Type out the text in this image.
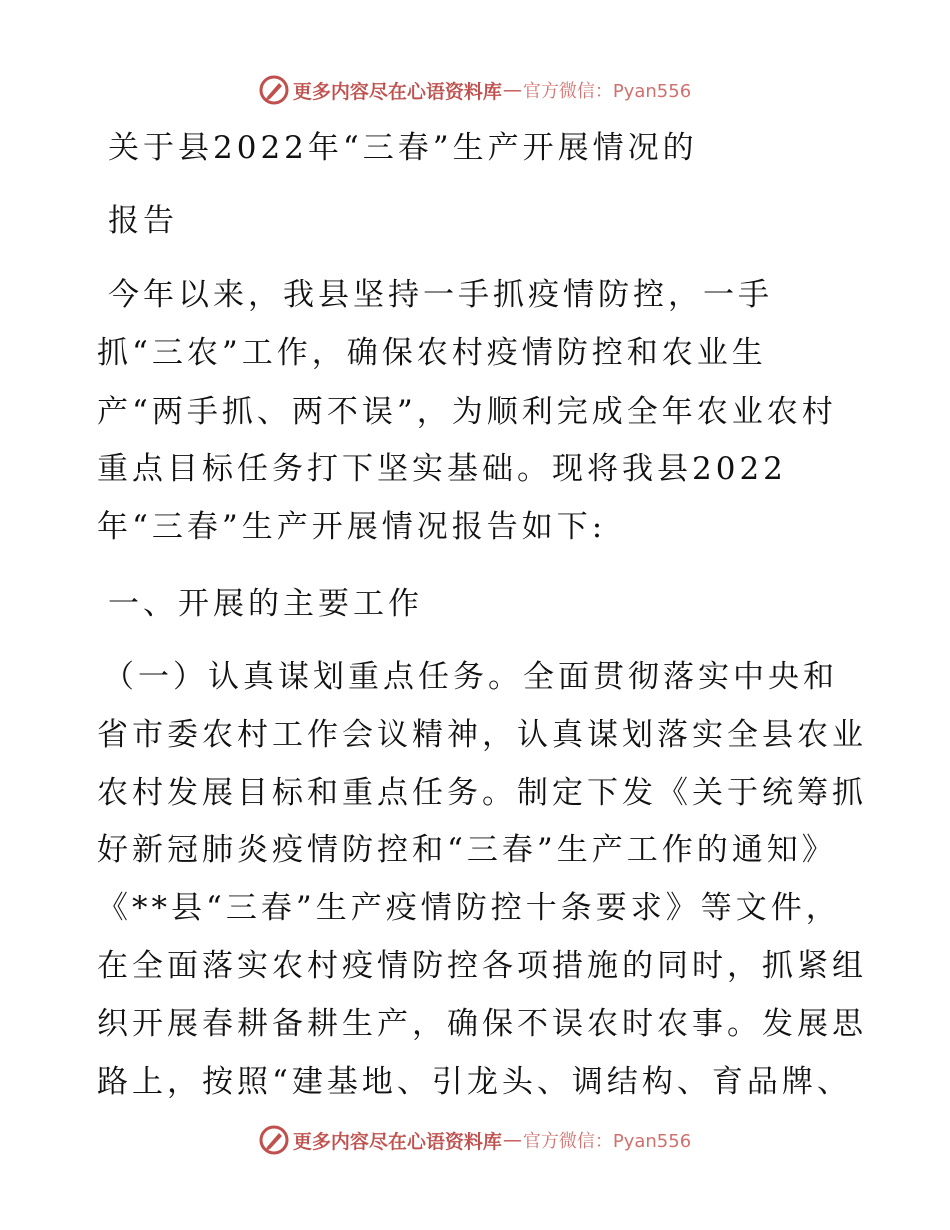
更多内容尽在心语资料库 — 官方微信：Pyan556
关于县2022年“三春”生产开展情况的
报告
今年以来，我县坚持一手抓疫情防控，一手
抓“三农”工作，确保农村疫情防控和农业生
产“两手抓、两不误”，为顺利完成全年农业农村
重点目标任务打下坚实基础。现将我县2022
年“三春”生产开展情况报告如下:
一、开展的主要工作
（一）认真谋划重点任务。全面贯彻落实中央和
省市委农村工作会议精神，认真谋划落实全县农业
农村发展目标和重点任务。制定下发《关于统筹抓
好新冠肺炎疫情防控和“三春”生产工作的通知》
《**县“三春”生产疫情防控十条要求》等文件，
在全面落实农村疫情防控各项措施的同时，抓紧组
织开展春耕备耕生产，确保不误农时农事。发展思
路上，按照“建基地、引龙头、调结构、育品牌、
更多内容尽在心语资料库 — 官方微信：Pyan556
